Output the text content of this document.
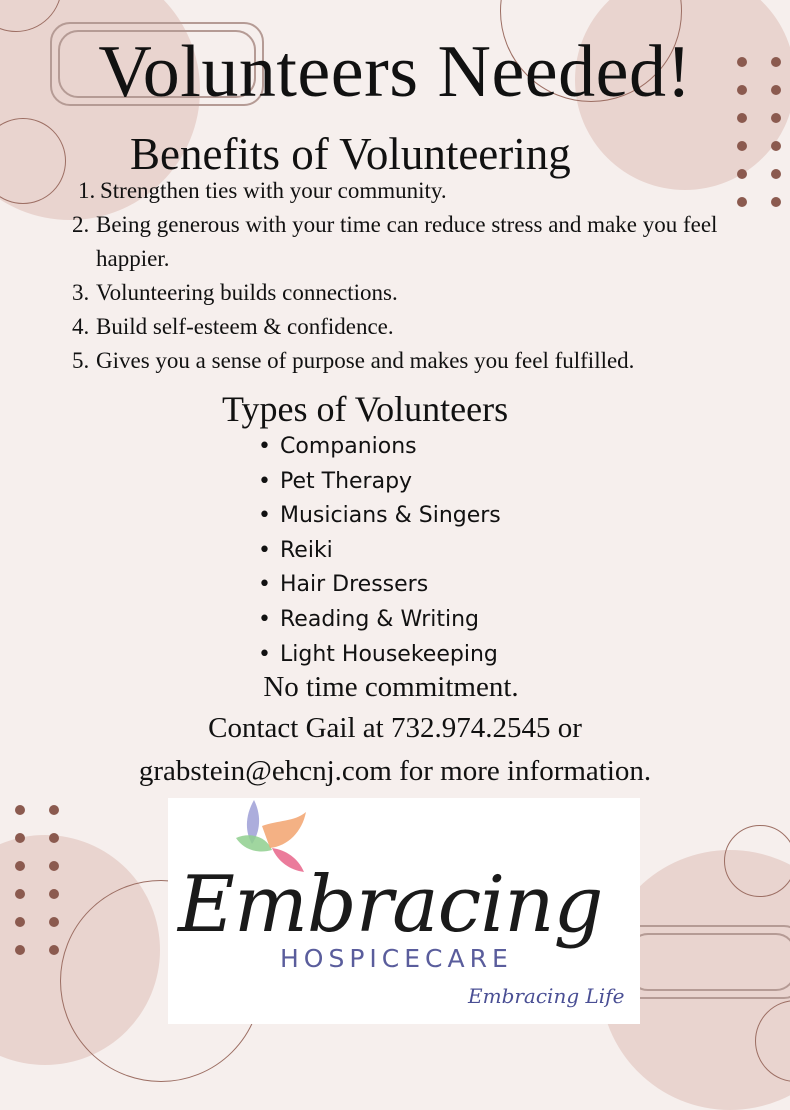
Volunteers Needed!
Benefits of Volunteering
1. Strengthen ties with your community.
2. Being generous with your time can reduce stress and make you feel happier.
3. Volunteering builds connections.
4. Build self-esteem & confidence.
5. Gives you a sense of purpose and makes you feel fulfilled.
Types of Volunteers
• Companions
• Pet Therapy
• Musicians & Singers
• Reiki
• Hair Dressers
• Reading & Writing
• Light Housekeeping
No time commitment.
Contact Gail at 732.974.2545 or
grabstein@ehcnj.com for more information.
Embracing
HOSPICECARE
Embracing Life
